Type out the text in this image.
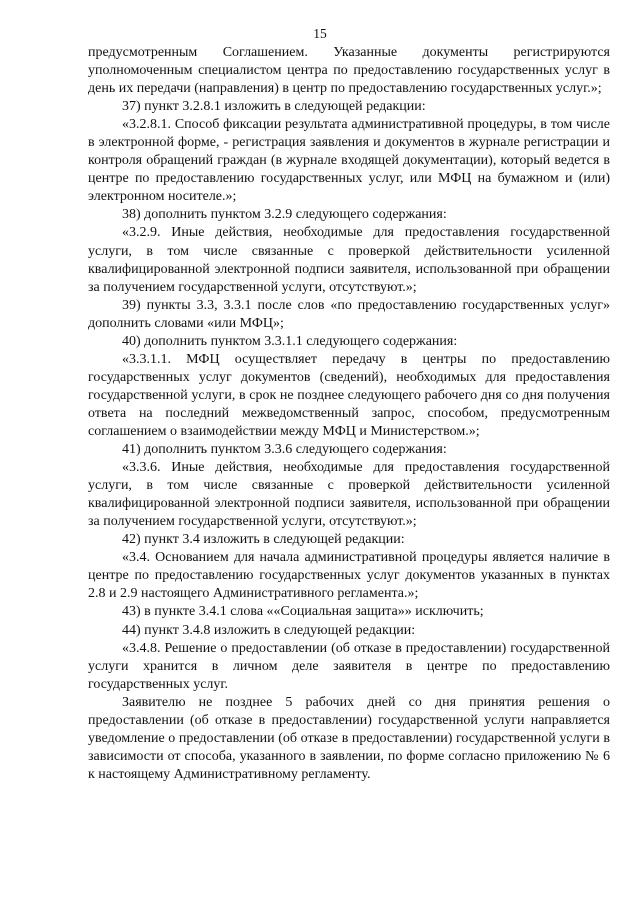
15

предусмотренным Соглашением. Указанные документы регистрируются уполномоченным специалистом центра по предоставлению государственных услуг в день их передачи (направления) в центр по предоставлению государственных услуг.»;

37) пункт 3.2.8.1 изложить в следующей редакции:

«3.2.8.1. Способ фиксации результата административной процедуры, в том числе в электронной форме, - регистрация заявления и документов в журнале регистрации и контроля обращений граждан (в журнале входящей документации), который ведется в центре по предоставлению государственных услуг, или МФЦ на бумажном и (или) электронном носителе.»;

38) дополнить пунктом 3.2.9 следующего содержания:

«3.2.9. Иные действия, необходимые для предоставления государственной услуги, в том числе связанные с проверкой действительности усиленной квалифицированной электронной подписи заявителя, использованной при обращении за получением государственной услуги, отсутствуют.»;

39) пункты 3.3, 3.3.1 после слов «по предоставлению государственных услуг» дополнить словами «или МФЦ»;

40) дополнить пунктом 3.3.1.1 следующего содержания:

«3.3.1.1. МФЦ осуществляет передачу в центры по предоставлению государственных услуг документов (сведений), необходимых для предоставления государственной услуги, в срок не позднее следующего рабочего дня со дня получения ответа на последний межведомственный запрос, способом, предусмотренным соглашением о взаимодействии между МФЦ и Министерством.»;

41) дополнить пунктом 3.3.6 следующего содержания:

«3.3.6. Иные действия, необходимые для предоставления государственной услуги, в том числе связанные с проверкой действительности усиленной квалифицированной электронной подписи заявителя, использованной при обращении за получением государственной услуги, отсутствуют.»;

42) пункт 3.4 изложить в следующей редакции:

«3.4. Основанием для начала административной процедуры является наличие в центре по предоставлению государственных услуг документов указанных в пунктах 2.8 и 2.9 настоящего Административного регламента.»;

43) в пункте 3.4.1 слова ««Социальная защита»» исключить;

44) пункт 3.4.8 изложить в следующей редакции:

«3.4.8. Решение о предоставлении (об отказе в предоставлении) государственной услуги хранится в личном деле заявителя в центре по предоставлению государственных услуг.

Заявителю не позднее 5 рабочих дней со дня принятия решения о предоставлении (об отказе в предоставлении) государственной услуги направляется уведомление о предоставлении (об отказе в предоставлении) государственной услуги в зависимости от способа, указанного в заявлении, по форме согласно приложению № 6 к настоящему Административному регламенту.
